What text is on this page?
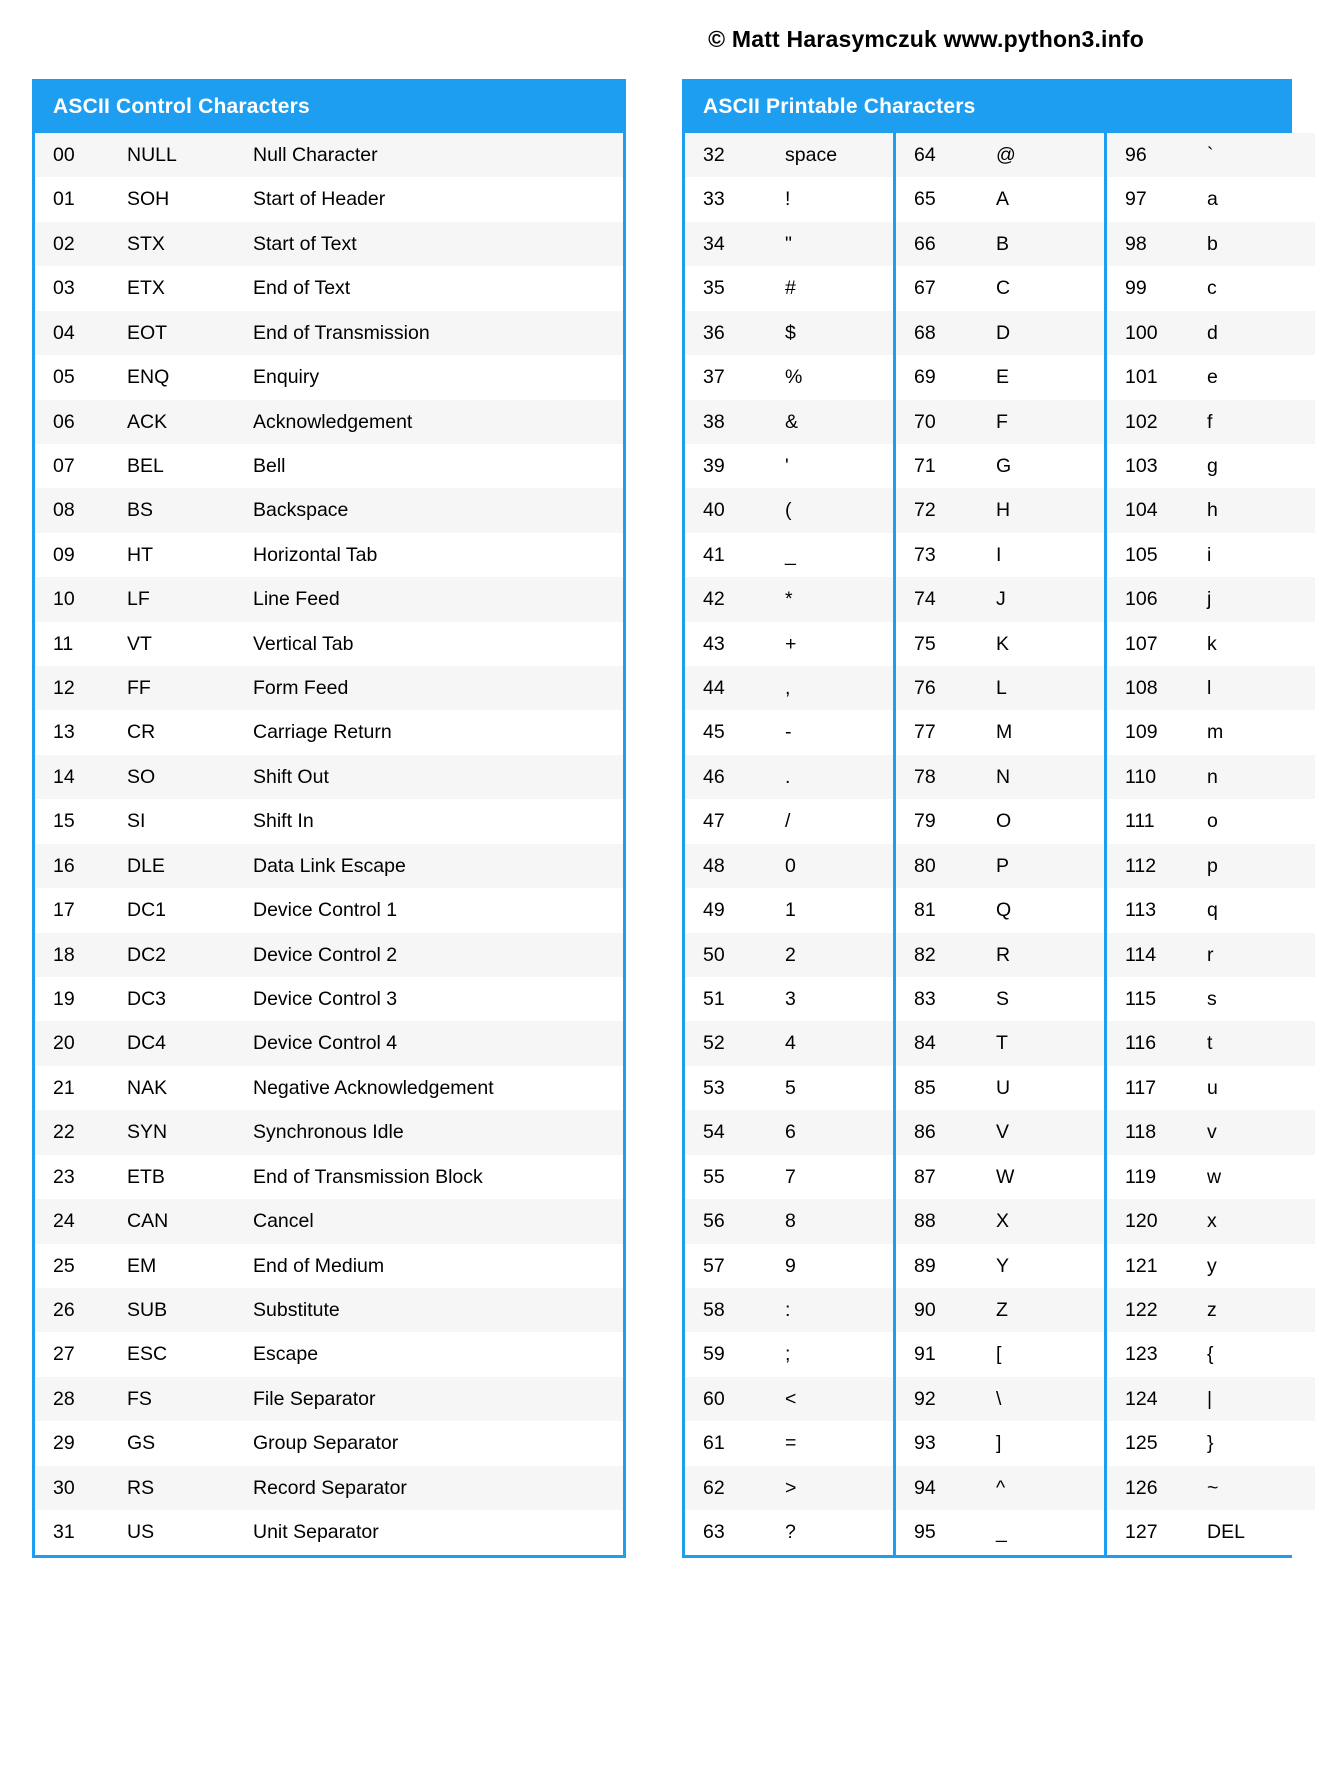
© Matt Harasymczuk www.python3.info
ASCII Control Characters
00	NULL	Null Character
01	SOH	Start of Header
02	STX	Start of Text
03	ETX	End of Text
04	EOT	End of Transmission
05	ENQ	Enquiry
06	ACK	Acknowledgement
07	BEL	Bell
08	BS	Backspace
09	HT	Horizontal Tab
10	LF	Line Feed
11	VT	Vertical Tab
12	FF	Form Feed
13	CR	Carriage Return
14	SO	Shift Out
15	SI	Shift In
16	DLE	Data Link Escape
17	DC1	Device Control 1
18	DC2	Device Control 2
19	DC3	Device Control 3
20	DC4	Device Control 4
21	NAK	Negative Acknowledgement
22	SYN	Synchronous Idle
23	ETB	End of Transmission Block
24	CAN	Cancel
25	EM	End of Medium
26	SUB	Substitute
27	ESC	Escape
28	FS	File Separator
29	GS	Group Separator
30	RS	Record Separator
31	US	Unit Separator
ASCII Printable Characters
32	space		64	@		96	`
33	!		65	A		97	a
34	"		66	B		98	b
35	#		67	C		99	c
36	$		68	D		100	d
37	%		69	E		101	e
38	&		70	F		102	f
39	'		71	G		103	g
40	(		72	H		104	h
41	_		73	I		105	i
42	*		74	J		106	j
43	+		75	K		107	k
44	,		76	L		108	l
45	-		77	M		109	m
46	.		78	N		110	n
47	/		79	O		111	o
48	0		80	P		112	p
49	1		81	Q		113	q
50	2		82	R		114	r
51	3		83	S		115	s
52	4		84	T		116	t
53	5		85	U		117	u
54	6		86	V		118	v
55	7		87	W		119	w
56	8		88	X		120	x
57	9		89	Y		121	y
58	:		90	Z		122	z
59	;		91	[		123	{
60	<		92	\		124	|
61	=		93	]		125	}
62	>		94	^		126	~
63	?		95	_		127	DEL
